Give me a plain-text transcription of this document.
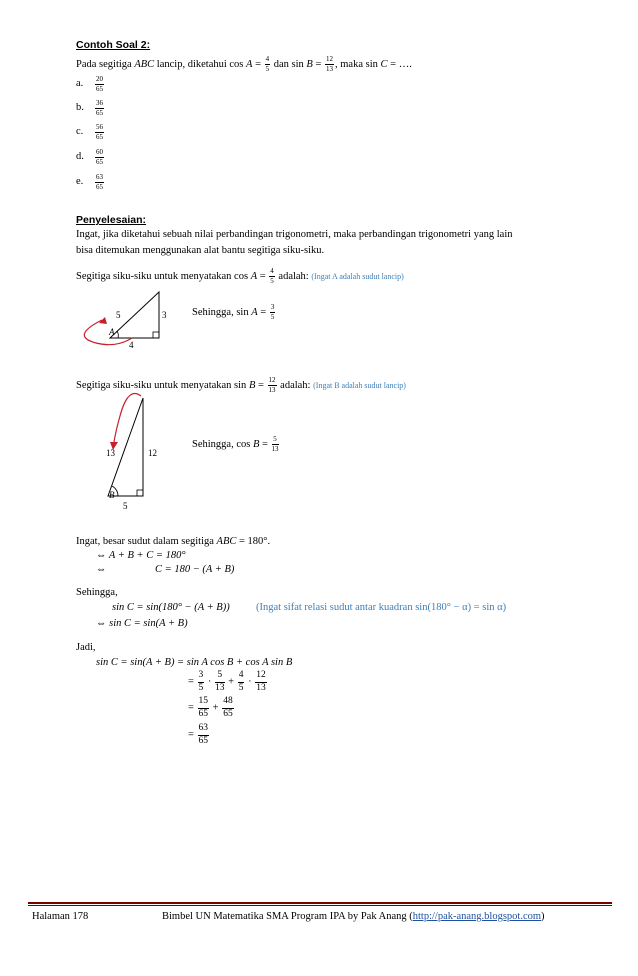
Contoh Soal 2:
Pada segitiga ABC lancip, diketahui $\cos A = \frac{4}{5}$ dan $\sin B = \frac{12}{13}$ , maka sin C = ….
a. $\frac{20}{65}$
b. $\frac{36}{65}$
c. $\frac{56}{65}$
d. $\frac{60}{65}$
e. $\frac{63}{65}$
Penyelesaian:
Ingat, jika diketahui sebuah nilai perbandingan trigonometri, maka perbandingan trigonometri yang lain
bisa ditemukan menggunakan alat bantu segitiga siku-siku.
Segitiga siku-siku untuk menyatakan $\cos A = \frac{4}{5}$ adalah: (Ingat A adalah sudut lancip)
5	3
4
A
Sehingga, $\sin A = \frac{3}{5}$
Segitiga siku-siku untuk menyatakan $\sin B = \frac{12}{13}$ adalah: (Ingat B adalah sudut lancip)
13	12
5
B
Sehingga, $\cos B = \frac{5}{13}$
Ingat, besar sudut dalam segitiga ABC = 180°.
⇔ A + B + C = 180°
⇔	C = 180 − (A + B)
Sehingga,
sin C = sin(180° − (A + B))	(Ingat sifat relasi sudut antar kuadran sin(180° − α) = sin α)
⇔ sin C = sin(A + B)
Jadi,
sin C = sin(A + B) = sin A cos B + cos A sin B
= $\frac{3}{5} \cdot \frac{5}{13} + \frac{4}{5} \cdot \frac{12}{13}$
= $\frac{15}{65} + \frac{48}{65}$
= $\frac{63}{65}$
Halaman 178	Bimbel UN Matematika SMA Program IPA by Pak Anang (http://pak-anang.blogspot.com)
